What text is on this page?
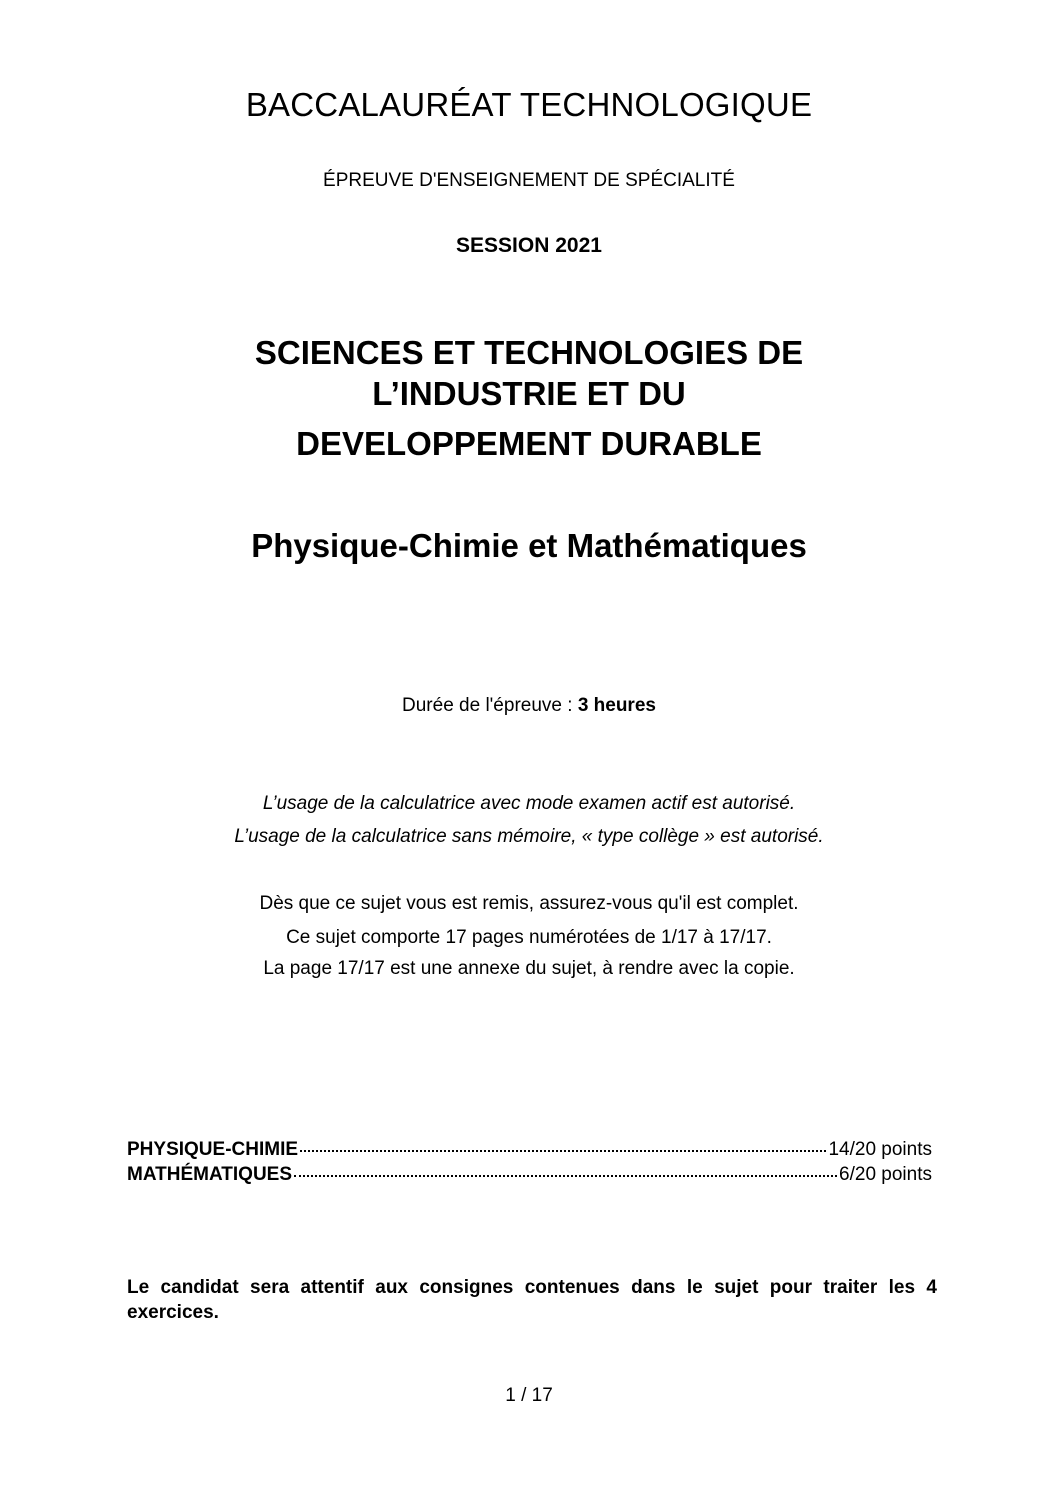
BACCALAURÉAT TECHNOLOGIQUE
ÉPREUVE D'ENSEIGNEMENT DE SPÉCIALITÉ
SESSION 2021
SCIENCES ET TECHNOLOGIES DE
L’INDUSTRIE ET DU
DEVELOPPEMENT DURABLE
Physique-Chimie et Mathématiques
Durée de l'épreuve : 3 heures
L’usage de la calculatrice avec mode examen actif est autorisé.
L’usage de la calculatrice sans mémoire, « type collège » est autorisé.
Dès que ce sujet vous est remis, assurez-vous qu'il est complet.
Ce sujet comporte 17 pages numérotées de 1/17 à 17/17.
La page 17/17 est une annexe du sujet, à rendre avec la copie.
PHYSIQUE-CHIMIE	14/20 points
MATHÉMATIQUES	6/20 points
Le candidat sera attentif aux consignes contenues dans le sujet pour traiter les 4 exercices.
1 / 17
